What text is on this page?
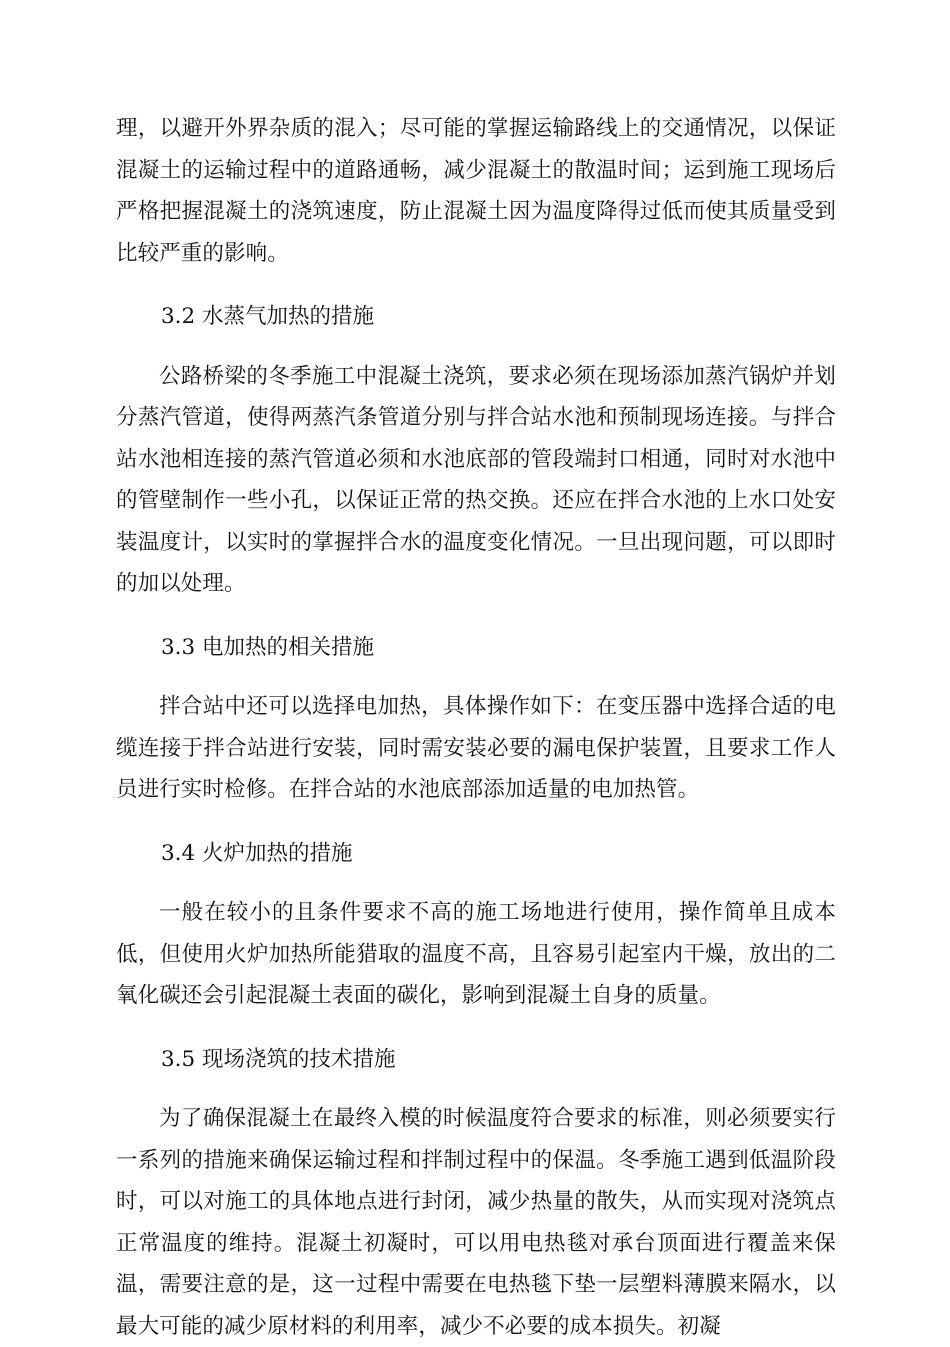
理，以避开外界杂质的混入；尽可能的掌握运输路线上的交通情况，以保证混凝土的运输过程中的道路通畅，减少混凝土的散温时间；运到施工现场后严格把握混凝土的浇筑速度，防止混凝土因为温度降得过低而使其质量受到比较严重的影响。

3.2 水蒸气加热的措施

公路桥梁的冬季施工中混凝土浇筑，要求必须在现场添加蒸汽锅炉并划分蒸汽管道，使得两蒸汽条管道分别与拌合站水池和预制现场连接。与拌合站水池相连接的蒸汽管道必须和水池底部的管段端封口相通，同时对水池中的管壁制作一些小孔，以保证正常的热交换。还应在拌合水池的上水口处安装温度计，以实时的掌握拌合水的温度变化情况。一旦出现问题，可以即时的加以处理。

3.3 电加热的相关措施

拌合站中还可以选择电加热，具体操作如下：在变压器中选择合适的电缆连接于拌合站进行安装，同时需安装必要的漏电保护装置，且要求工作人员进行实时检修。在拌合站的水池底部添加适量的电加热管。

3.4 火炉加热的措施

一般在较小的且条件要求不高的施工场地进行使用，操作简单且成本低，但使用火炉加热所能猎取的温度不高，且容易引起室内干燥，放出的二氧化碳还会引起混凝土表面的碳化，影响到混凝土自身的质量。

3.5 现场浇筑的技术措施

为了确保混凝土在最终入模的时候温度符合要求的标准，则必须要实行一系列的措施来确保运输过程和拌制过程中的保温。冬季施工遇到低温阶段时，可以对施工的具体地点进行封闭，减少热量的散失，从而实现对浇筑点正常温度的维持。混凝土初凝时，可以用电热毯对承台顶面进行覆盖来保温，需要注意的是，这一过程中需要在电热毯下垫一层塑料薄膜来隔水，以最大可能的减少原材料的利用率，减少不必要的成本损失。初凝
